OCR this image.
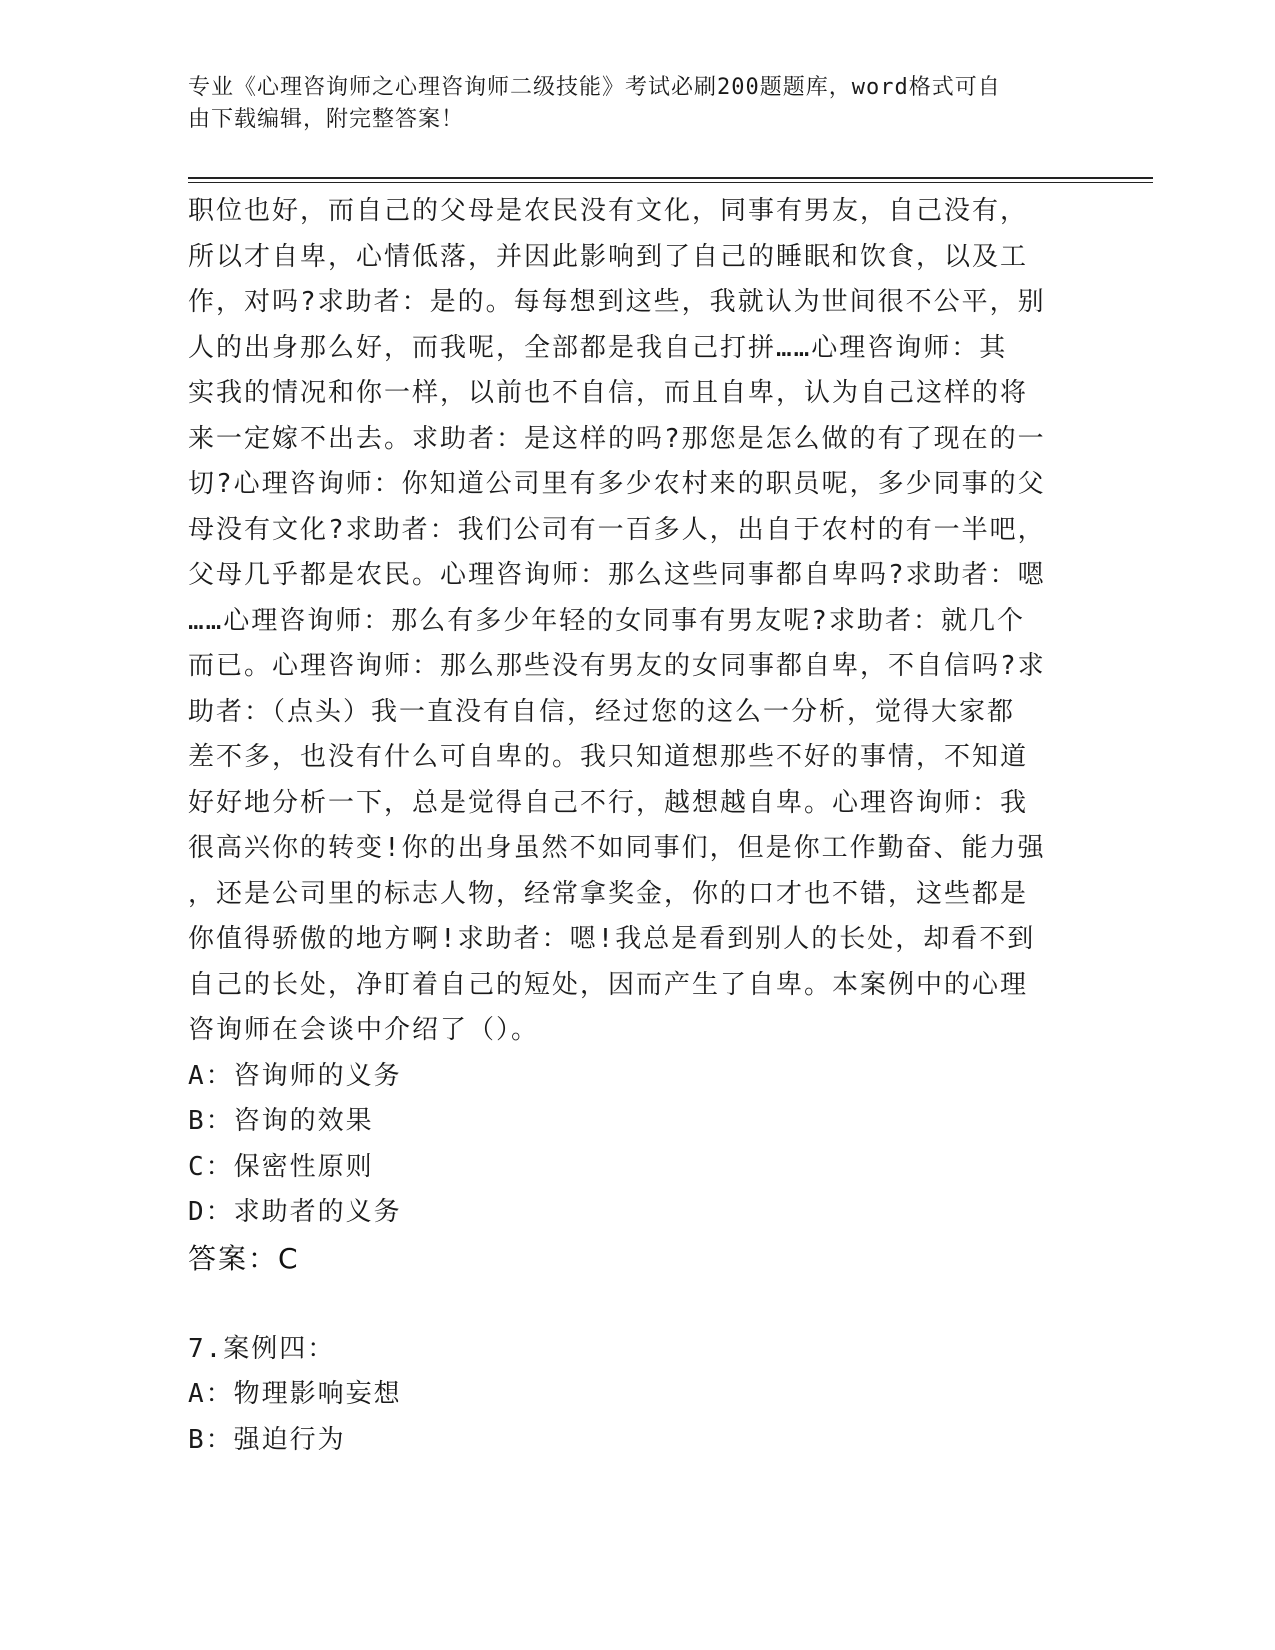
专业《心理咨询师之心理咨询师二级技能》考试必刷200题题库，word格式可自
由下载编辑，附完整答案！
职位也好，而自己的父母是农民没有文化，同事有男友，自己没有，
所以才自卑，心情低落，并因此影响到了自己的睡眠和饮食，以及工
作，对吗?求助者：是的。每每想到这些，我就认为世间很不公平，别
人的出身那么好，而我呢，全部都是我自己打拼……心理咨询师：其
实我的情况和你一样，以前也不自信，而且自卑，认为自己这样的将
来一定嫁不出去。求助者：是这样的吗?那您是怎么做的有了现在的一
切?心理咨询师：你知道公司里有多少农村来的职员呢，多少同事的父
母没有文化?求助者：我们公司有一百多人，出自于农村的有一半吧，
父母几乎都是农民。心理咨询师：那么这些同事都自卑吗?求助者：嗯
……心理咨询师：那么有多少年轻的女同事有男友呢?求助者：就几个
而已。心理咨询师：那么那些没有男友的女同事都自卑，不自信吗?求
助者：（点头）我一直没有自信，经过您的这么一分析，觉得大家都
差不多，也没有什么可自卑的。我只知道想那些不好的事情，不知道
好好地分析一下，总是觉得自己不行，越想越自卑。心理咨询师：我
很高兴你的转变!你的出身虽然不如同事们，但是你工作勤奋、能力强
，还是公司里的标志人物，经常拿奖金，你的口才也不错，这些都是
你值得骄傲的地方啊!求助者：嗯!我总是看到别人的长处，却看不到
自己的长处，净盯着自己的短处，因而产生了自卑。本案例中的心理
咨询师在会谈中介绍了（）。
A：咨询师的义务
B：咨询的效果
C：保密性原则
D：求助者的义务
答案：C
7.案例四：
A：物理影响妄想
B：强迫行为
